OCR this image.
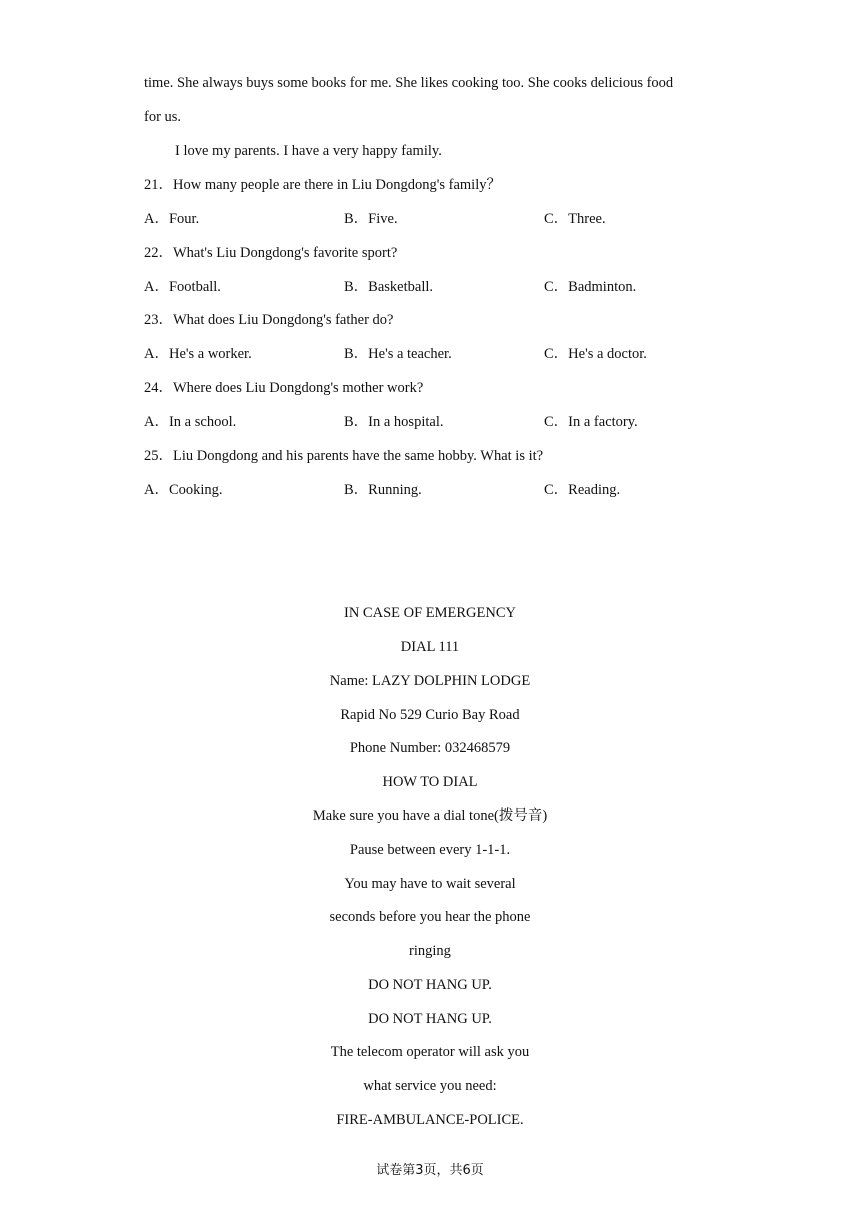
time. She always buys some books for me. She likes cooking too. She cooks delicious food
for us.
I love my parents. I have a very happy family.
21．How many people are there in Liu Dongdong's family？
A．Four.	B．Five.	C．Three.
22．What's Liu Dongdong's favorite sport?
A．Football.	B．Basketball.	C．Badminton.
23．What does Liu Dongdong's father do?
A．He's a worker.	B．He's a teacher.	C．He's a doctor.
24．Where does Liu Dongdong's mother work?
A．In a school.	B．In a hospital.	C．In a factory.
25．Liu Dongdong and his parents have the same hobby. What is it?
A．Cooking.	B．Running.	C．Reading.
IN CASE OF EMERGENCY
DIAL 111
Name: LAZY DOLPHIN LODGE
Rapid No 529 Curio Bay Road
Phone Number: 032468579
HOW TO DIAL
Make sure you have a dial tone(拨号音)
Pause between every 1-1-1.
You may have to wait several
seconds before you hear the phone
ringing
DO NOT HANG UP.
DO NOT HANG UP.
The telecom operator will ask you
what service you need:
FIRE-AMBULANCE-POLICE.
试卷第3页，共6页
